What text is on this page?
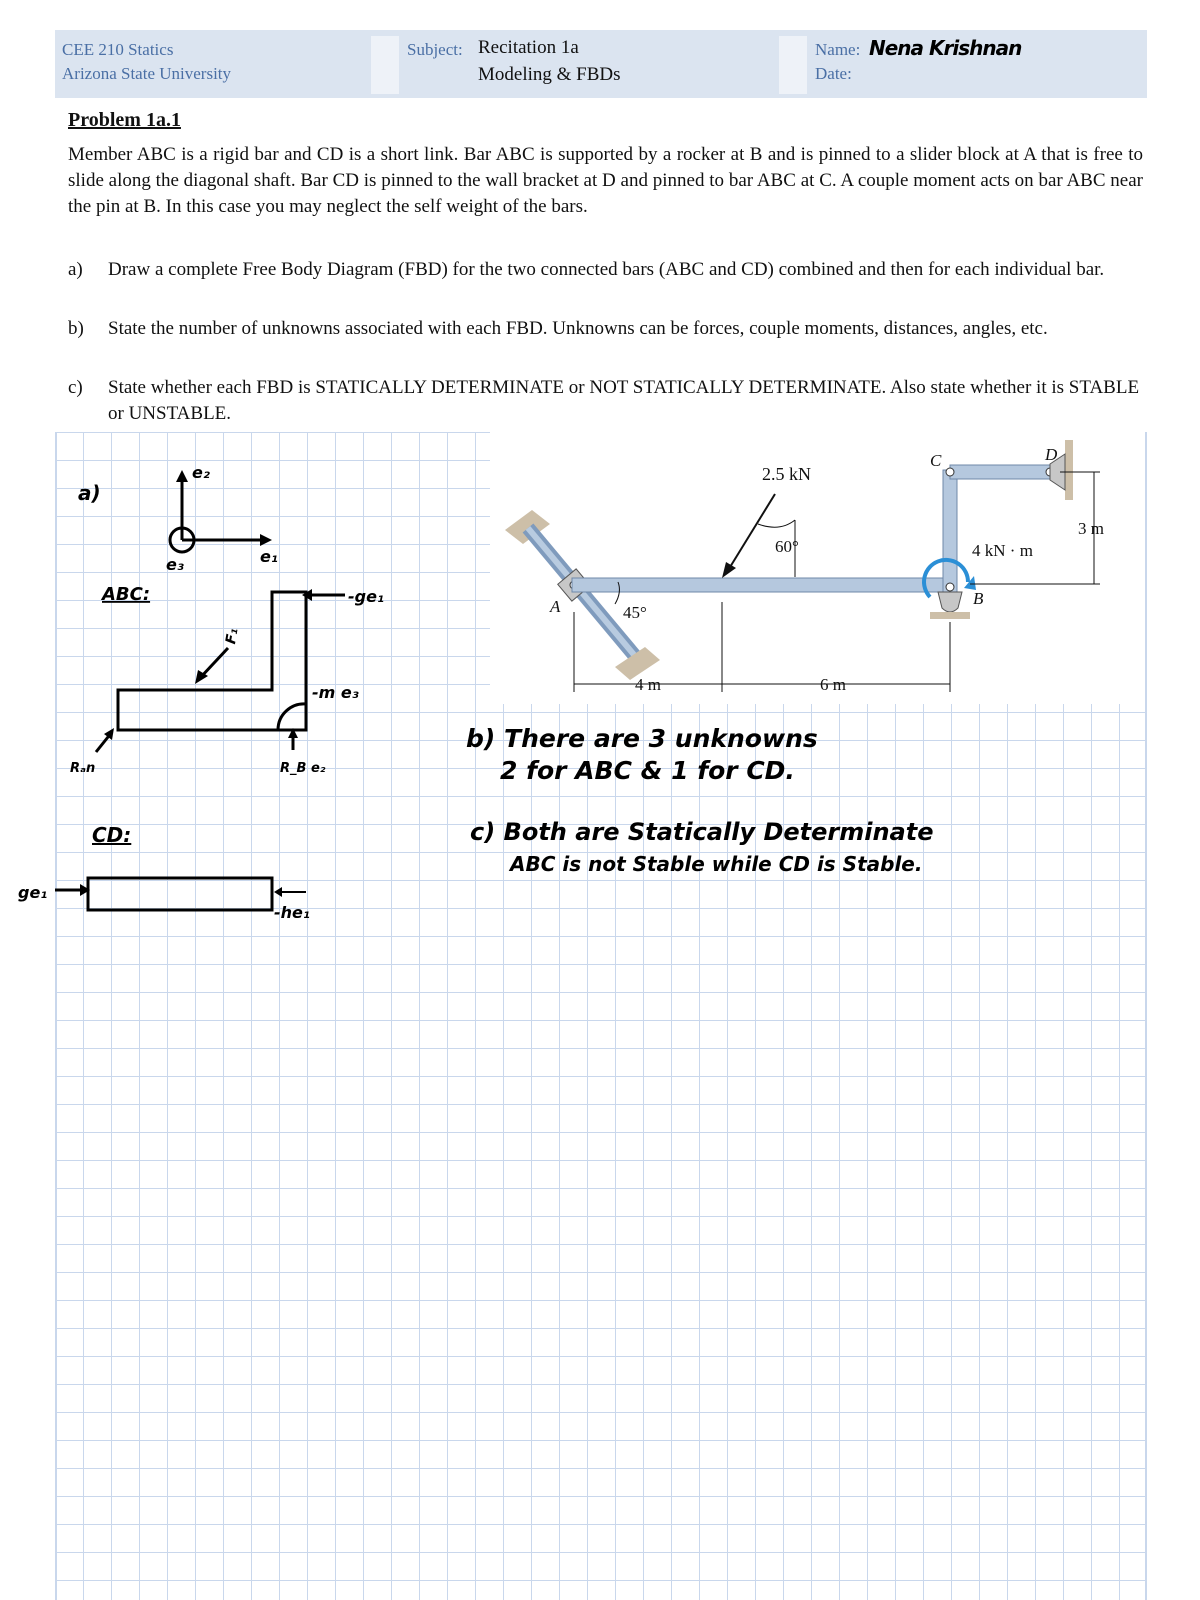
CEE 210 Statics
Arizona State University
Subject: Recitation 1a
Modeling & FBDs
Name: Nena Krishnan
Date:
Problem 1a.1
Member ABC is a rigid bar and CD is a short link. Bar ABC is supported by a rocker at B and is pinned to a slider block at A that is free to slide along the diagonal shaft. Bar CD is pinned to the wall bracket at D and pinned to bar ABC at C. A couple moment acts on bar ABC near the pin at B. In this case you may neglect the self weight of the bars.
a) Draw a complete Free Body Diagram (FBD) for the two connected bars (ABC and CD) combined and then for each individual bar.
b) State the number of unknowns associated with each FBD. Unknowns can be forces, couple moments, distances, angles, etc.
c) State whether each FBD is STATICALLY DETERMINATE or NOT STATICALLY DETERMINATE. Also state whether it is STABLE or UNSTABLE.
2.5 kN
60°
45°
4 kN · m
3 m
4 m	6 m
A	B
C	D
a)
e₂
e₁
e₃
ABC:	-ge₁
F₁
-m e₃
Rₐn	R_B e₂
CD:
ge₁
-he₁
b) There are 3 unknowns
2 for ABC & 1 for CD.
c) Both are Statically Determinate
ABC is not Stable while CD is Stable.
